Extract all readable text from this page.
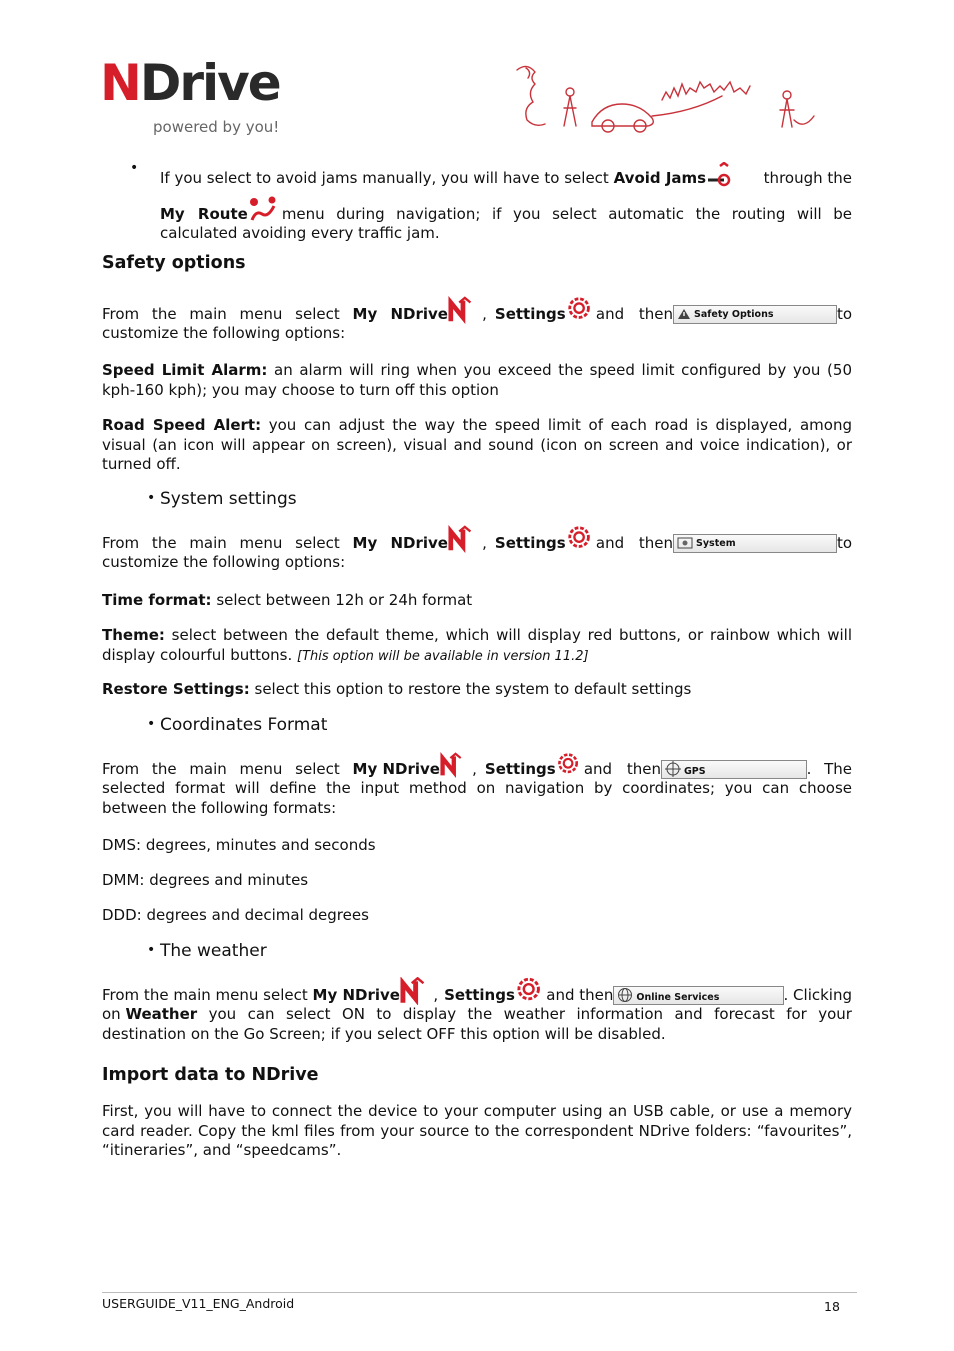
NDrive
powered by you!
•
If you select to avoid jams manually, you will have to select Avoid Jams	through the
My Route menu during navigation; if you select automatic the routing will be
calculated avoiding every traffic jam.
Safety options
From the main menu select My NDrive , Settings and then	Safety Options	to
customize the following options:
Speed Limit Alarm: an alarm will ring when you exceed the speed limit configured by you (50 kph-160 kph); you may choose to turn off this option
Road Speed Alert: you can adjust the way the speed limit of each road is displayed, among visual (an icon will appear on screen), visual and sound (icon on screen and voice indication), or turned off.
• System settings
From the main menu select My NDrive , Settings and then	System	to
customize the following options:
Time format: select between 12h or 24h format
Theme: select between the default theme, which will display red buttons, or rainbow which will display colourful buttons. [This option will be available in version 11.2]
Restore Settings: select this option to restore the system to default settings
• Coordinates Format
From the main menu select My NDrive , Settings and then	GPS	. The
selected format will define the input method on navigation by coordinates; you can choose between the following formats:
DMS: degrees, minutes and seconds
DMM: degrees and minutes
DDD: degrees and decimal degrees
• The weather
From the main menu select My NDrive , Settings and then	Online Services	. Clicking
on Weather you can select ON to display the weather information and forecast for your
destination on the Go Screen; if you select OFF this option will be disabled.
Import data to NDrive
First, you will have to connect the device to your computer using an USB cable, or use a memory card reader. Copy the kml files from your source to the correspondent NDrive folders: “favourites”, “itineraries”, and “speedcams”.
USERGUIDE_V11_ENG_Android	18
